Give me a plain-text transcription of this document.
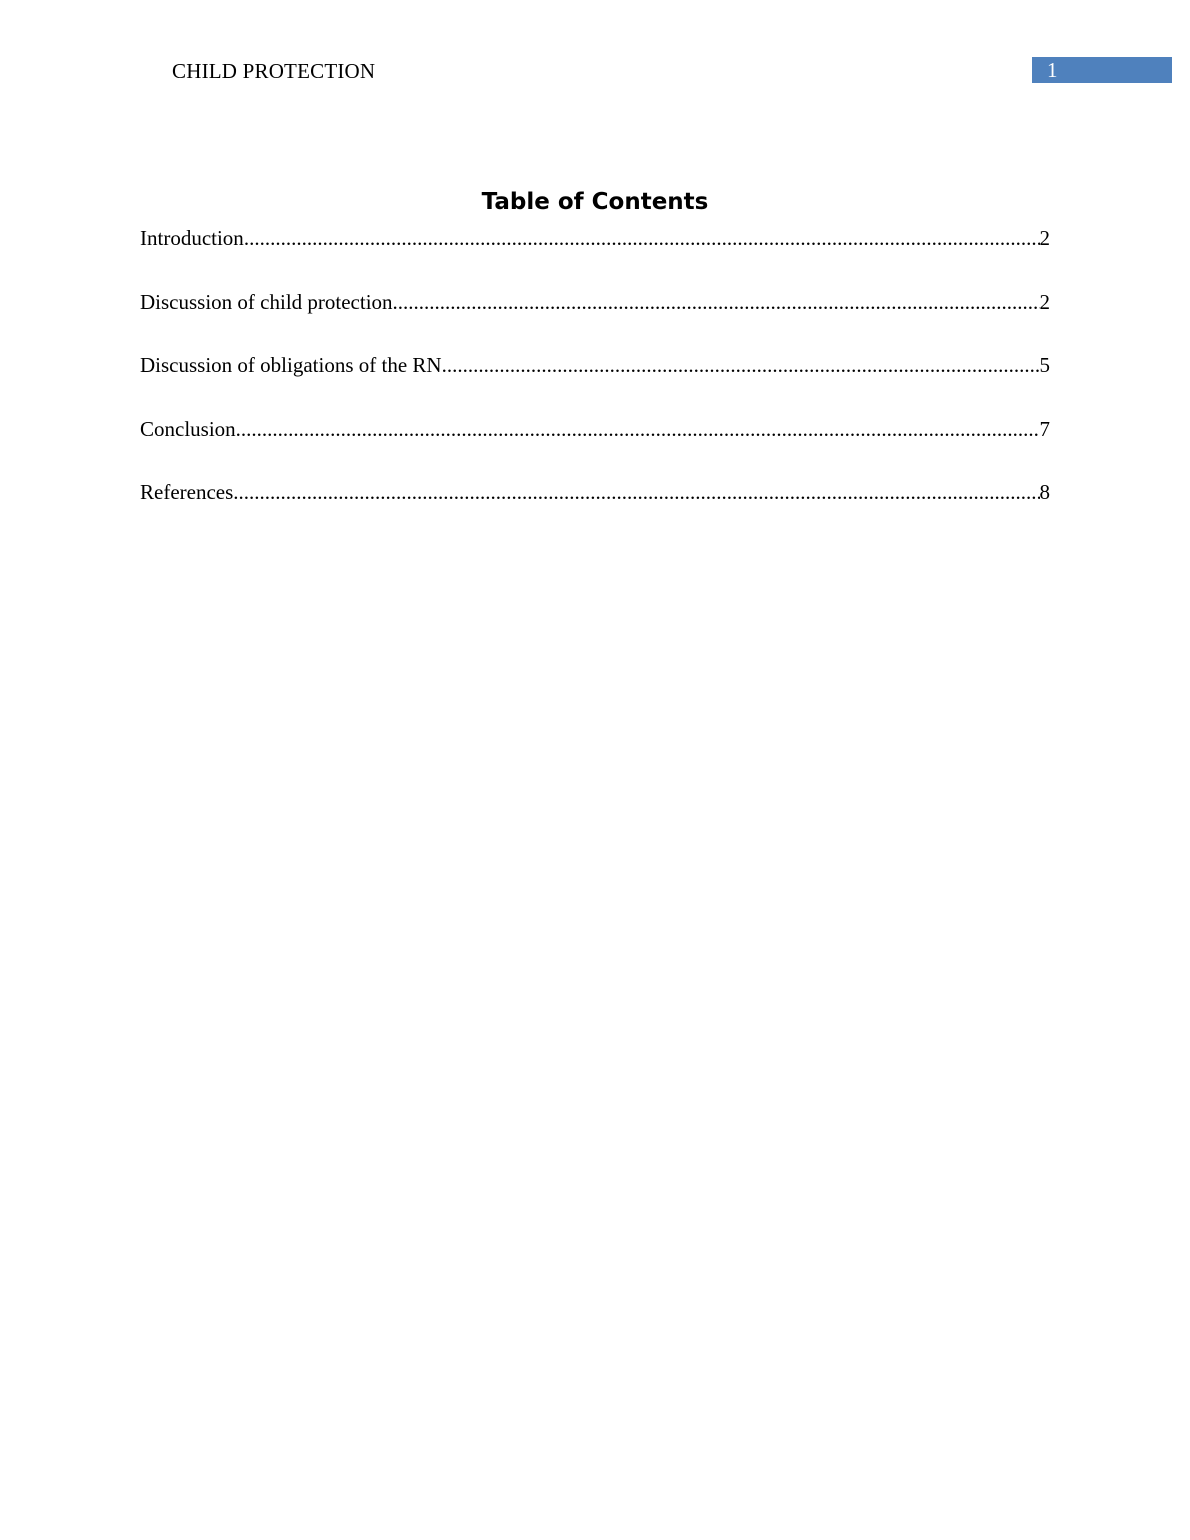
CHILD PROTECTION	1
Table of Contents
Introduction .....	2
Discussion of child protection .....	2
Discussion of obligations of the RN .....	5
Conclusion .....	7
References .....	8
